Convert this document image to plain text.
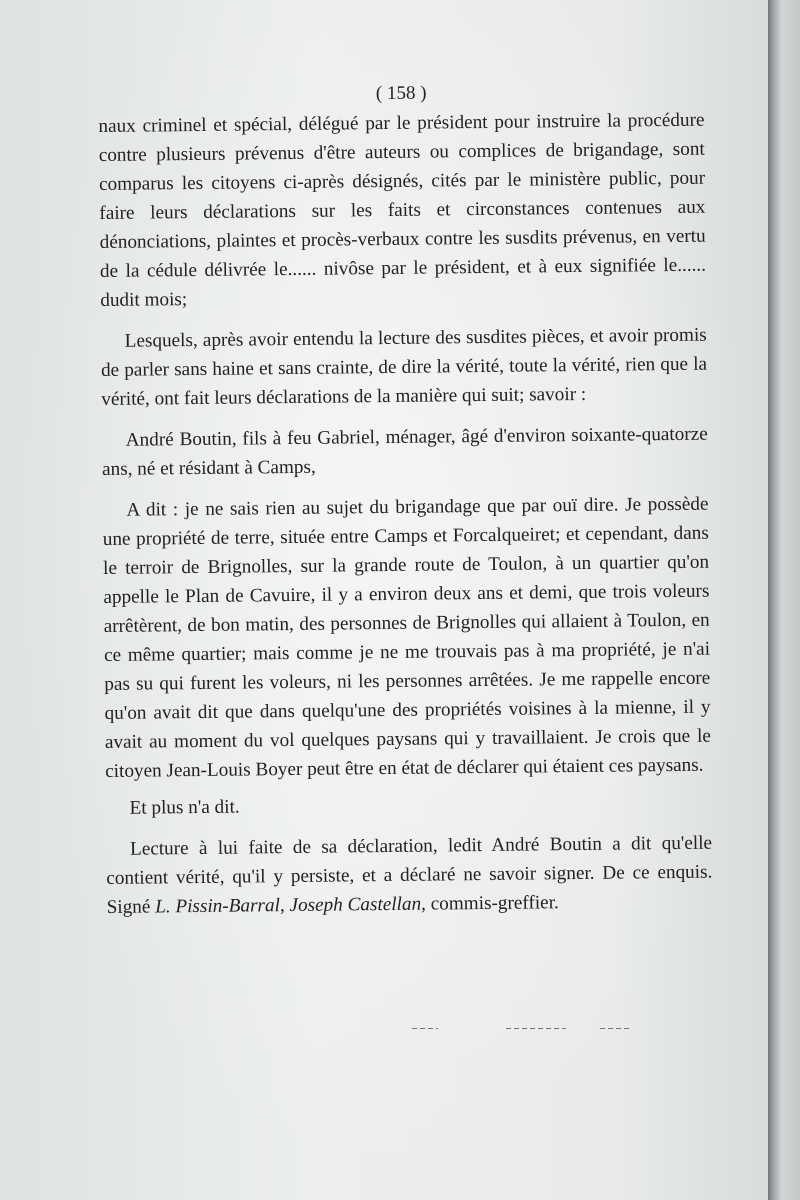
( 158 )

naux criminel et spécial, délégué par le président pour instruire la procédure contre plusieurs prévenus d'être auteurs ou complices de brigandage, sont comparus les citoyens ci-après désignés, cités par le ministère public, pour faire leurs déclarations sur les faits et circonstances contenues aux dénonciations, plaintes et procès-verbaux contre les susdits prévenus, en vertu de la cédule délivrée le...... nivôse par le président, et à eux signifiée le...... dudit mois;

Lesquels, après avoir entendu la lecture des susdites pièces, et avoir promis de parler sans haine et sans crainte, de dire la vérité, toute la vérité, rien que la vérité, ont fait leurs déclarations de la manière qui suit; savoir :

André Boutin, fils à feu Gabriel, ménager, âgé d'environ soixante-quatorze ans, né et résidant à Camps,

A dit : je ne sais rien au sujet du brigandage que par ouï dire. Je possède une propriété de terre, située entre Camps et Forcalqueiret; et cependant, dans le terroir de Brignolles, sur la grande route de Toulon, à un quartier qu'on appelle le Plan de Cavuire, il y a environ deux ans et demi, que trois voleurs arrêtèrent, de bon matin, des personnes de Brignolles qui allaient à Toulon, en ce même quartier; mais comme je ne me trouvais pas à ma propriété, je n'ai pas su qui furent les voleurs, ni les personnes arrêtées. Je me rappelle encore qu'on avait dit que dans quelqu'une des propriétés voisines à la mienne, il y avait au moment du vol quelques paysans qui y travaillaient. Je crois que le citoyen Jean-Louis Boyer peut être en état de déclarer qui étaient ces paysans.

Et plus n'a dit.

Lecture à lui faite de sa déclaration, ledit André Boutin a dit qu'elle contient vérité, qu'il y persiste, et a déclaré ne savoir signer. De ce enquis. Signé L. Pissin-Barral, Joseph Castellan, commis-greffier.
